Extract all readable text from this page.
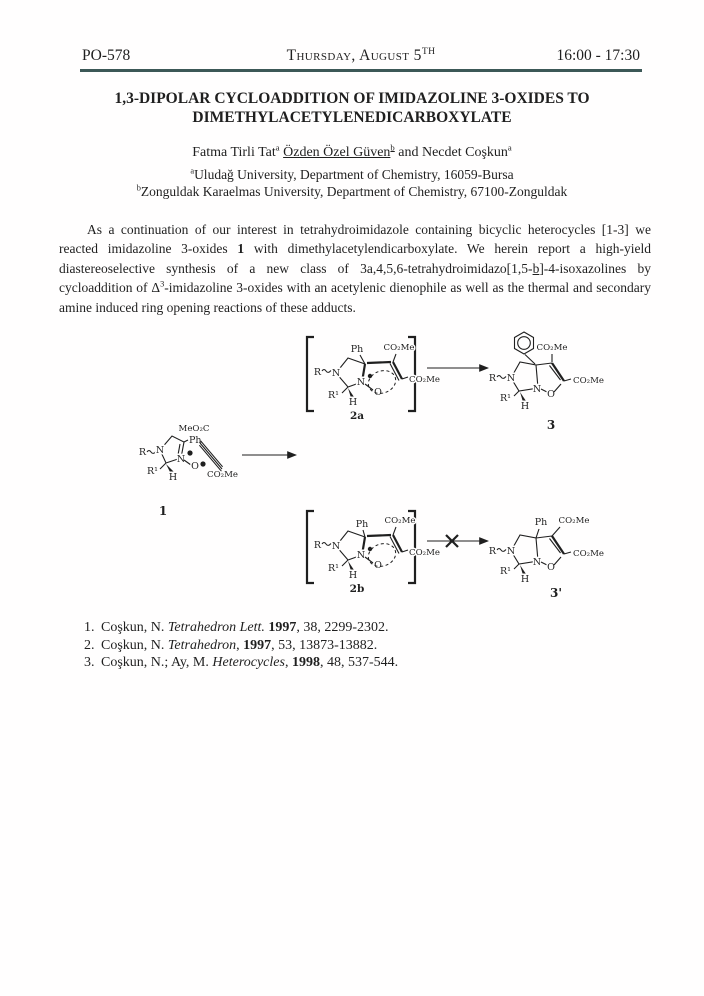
PO-578	Thursday, August 5TH	16:00 - 17:30
1,3-DIPOLAR CYCLOADDITION OF IMIDAZOLINE 3-OXIDES TO
DIMETHYLACETYLENEDICARBOXYLATE
Fatma Tirli Tat$^a$ Özden Özel Güven$^b$ and Necdet Coşkun$^a$
$^a$Uludağ University, Department of Chemistry, 16059-Bursa
$^b$Zonguldak Karaelmas University, Department of Chemistry, 67100-Zonguldak
As a continuation of our interest in tetrahydroimidazole containing bicyclic heterocycles [1-3] we reacted imidazoline 3-oxides 1 with dimethylacetylendicarboxylate. We herein report a high-yield diastereoselective synthesis of a new class of 3a,4,5,6-tetrahydroimidazo[1,5-b]-4-isoxazolines by cycloaddition of $\Delta^3$-imidazoline 3-oxides with an acetylenic dienophile as well as the thermal and secondary amine induced ring opening reactions of these adducts.
R N
N
O
Ph
R¹
H
MeO₂C
CO₂Me
1
R N
Ph
N
O
R¹
H
CO₂Me
CO₂Me
2a
R N
N O
CO₂Me
CO₂Me
R¹
H
3
R N
Ph
N
O
R¹
H
CO₂Me
CO₂Me
2b
R N
N O
Ph CO₂Me
CO₂Me
R¹
H
3'
1. Coşkun, N. Tetrahedron Lett. 1997, 38, 2299-2302.
2. Coşkun, N. Tetrahedron, 1997, 53, 13873-13882.
3. Coşkun, N.; Ay, M. Heterocycles, 1998, 48, 537-544.
